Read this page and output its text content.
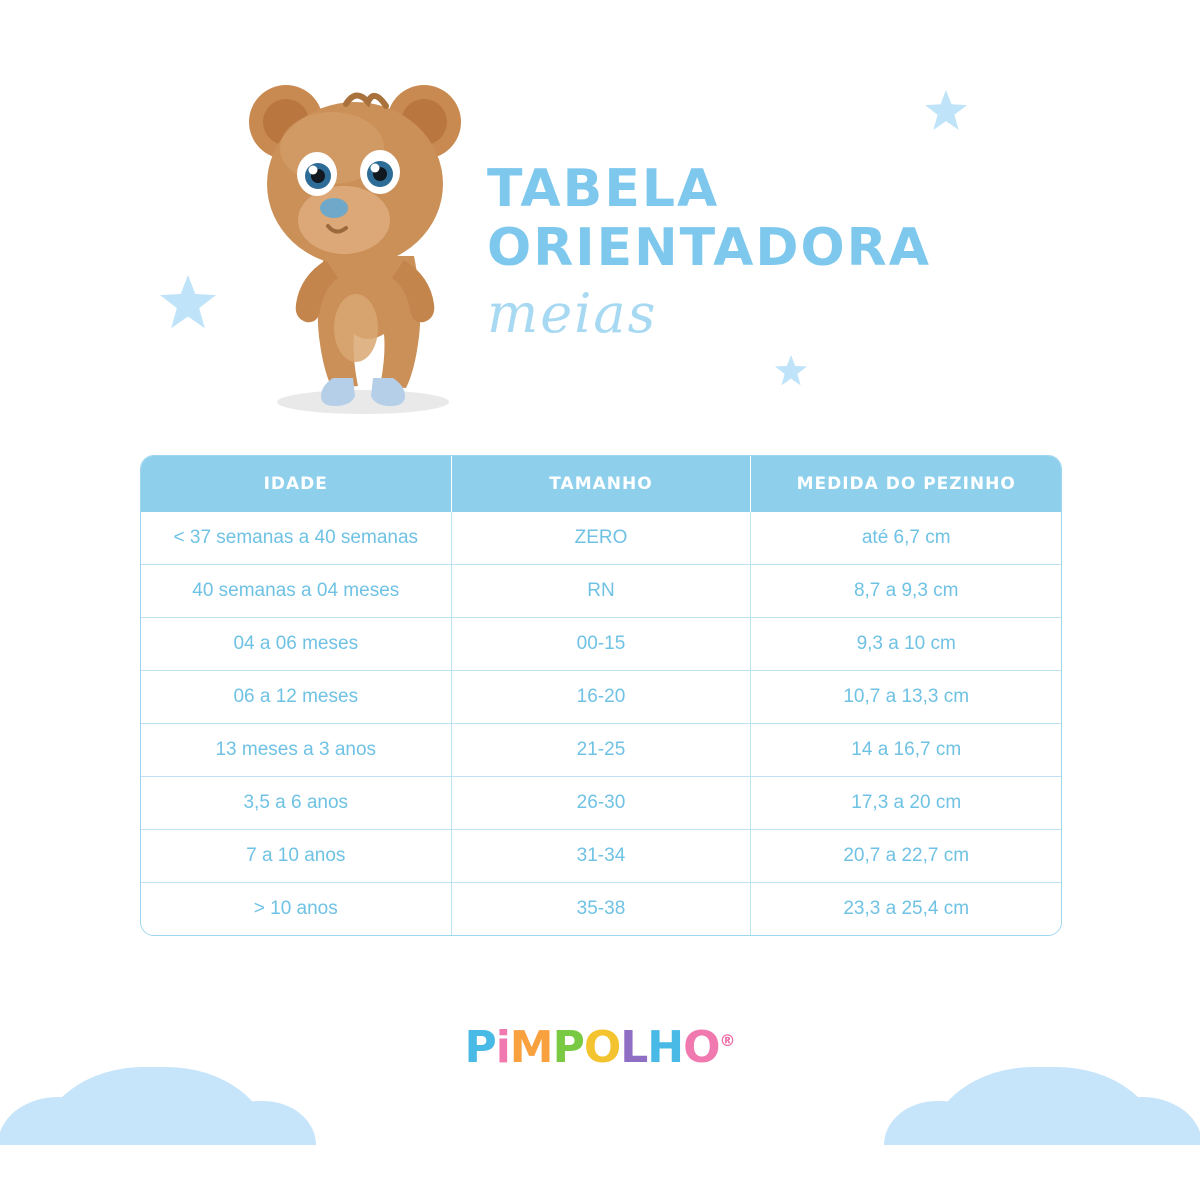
TABELA
ORIENTADORA
meias
IDADE	TAMANHO	MEDIDA DO PEZINHO
< 37 semanas a 40 semanas	ZERO	até 6,7 cm
40 semanas a 04 meses	RN	8,7 a 9,3 cm
04 a 06 meses	00-15	9,3 a 10 cm
06 a 12 meses	16-20	10,7 a 13,3 cm
13 meses a 3 anos	21-25	14 a 16,7 cm
3,5 a 6 anos	26-30	17,3 a 20 cm
7 a 10 anos	31-34	20,7 a 22,7 cm
> 10 anos	35-38	23,3 a 25,4 cm
PiMPOLHO®
